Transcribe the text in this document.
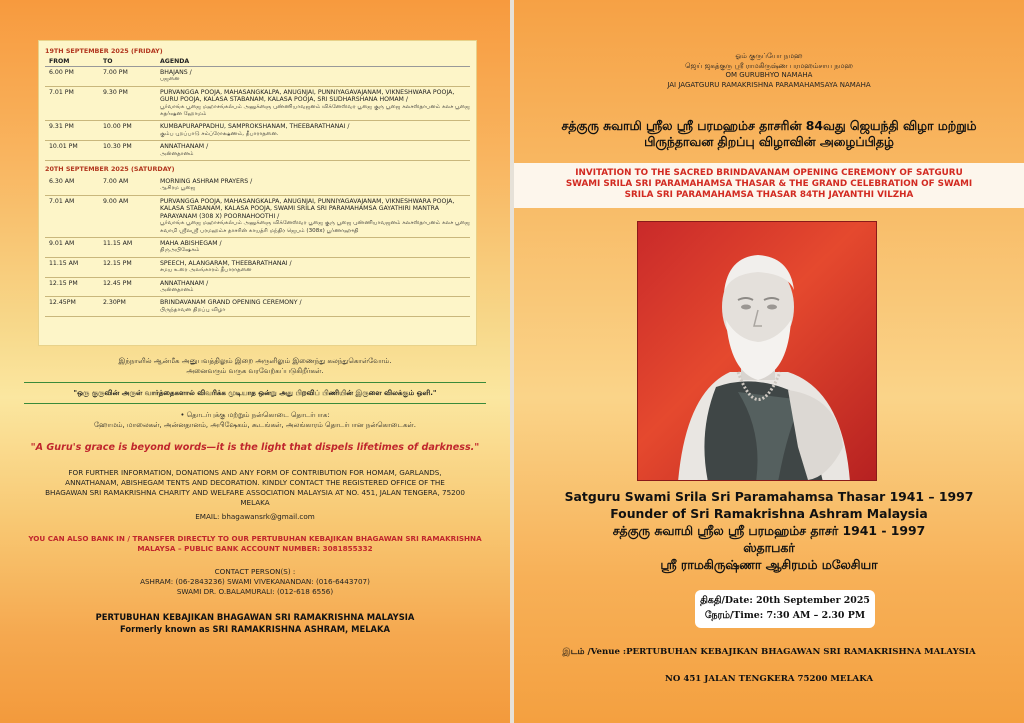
19TH SEPTEMBER 2025 (FRIDAY)
FROM	TO	AGENDA
6.00 PM	7.00 PM	BHAJANS /
பஜனை
7.01 PM	9.30 PM	PURVANGGA POOJA, MAHASANGKALPA, ANUGNJAI, PUNNIYAGAVAJANAM, VIKNESHWARA POOJA, GURU POOJA, KALASA STABANAM, KALASA POOJA, SRI SUDHARSHANA HOMAM /
பூர்வாங்க பூஜை மஹாசங்கல்பம் அனுக்ஞை புண்ணியாவஜனம் விக்னேஸ்வர பூஜை குரு பூஜை கலசஸ்தாபனம் கலச பூஜை சுதர்ஷன ஹோமம்
9.31 PM	10.00 PM	KUMBAPURAPPADHU, SAMPROKSHANAM, THEEBARATHANAI /
கும்ப புறப்பாடு சம்ப்ரோக்ஷணம், தீபாராதனை.
10.01 PM	10.30 PM	ANNATHANAM /
அன்னதானம்
20TH SEPTEMBER 2025 (SATURDAY)
6.30 AM	7.00 AM	MORNING ASHRAM PRAYERS /
ஆசிரம பூஜை
7.01 AM	9.00 AM	PURVANGGA POOJA, MAHASANGKALPA, ANUGNJAI, PUNNIYAGAVAJANAM, VIKNESHWARA POOJA, KALASA STABANAM, KALASA POOJA, SWAMI SRILA SRI PARAMAHAMSA GAYATHIRI MANTRA PARAYANAM (308 X) POORNAHOOTHI /
பூர்வாங்க பூஜை மஹாசங்கல்பம் அனுக்ஞை விக்னேஸ்வர பூஜை குரு பூஜை புண்ணியாவஜனம் கலசஸ்தாபனம் கலச பூஜை சுவாமி ஸ்ரீலஸ்ரீ பரமஹம்ச தாசரின் காயத்ரி மந்திர ஜெபம் (308x) பூர்ணாஹுதி
9.01 AM	11.15 AM	MAHA ABISHEGAM /
திருஅபிஷேகம்
11.15 AM	12.15 PM	SPEECH, ALANGARAM, THEEBARATHANAI /
சமய உரை அலங்காரம் தீபாராதனை
12.15 PM	12.45 PM	ANNATHANAM /
அன்னதானம்
12.45PM	2.30PM	BRINDAVANAM GRAND OPENING CEREMONY /
பிருந்தாவன திறப்பு விழா
இந்நாளில் ஆன்மீக அனுபவத்திலும் இறை அருளிலும் இணைந்து கலந்துகொள்வோம்.
அனைவரும் வருக வரவேற்கப்படுகிறீர்கள்.
"ஒரு குருவின் அருள் வார்த்தைகளால் விவரிக்க முடியாத ஒன்று அது பிறவிப் பிணியின் இருளை விலக்கும் ஒளி."
• தொடர்புக்கு மற்றும் நன்கொடை தொடர்பாக:
ஹோமம், மாலைகள், அன்னதானம், அபிஷேகம், கூடங்கள், அலங்காரம் தொடர்பான நன்கொடைகள்.
"A Guru's grace is beyond words—it is the light that dispels lifetimes of darkness."
FOR FURTHER INFORMATION, DONATIONS AND ANY FORM OF CONTRIBUTION FOR HOMAM, GARLANDS,
ANNATHANAM, ABISHEGAM TENTS AND DECORATION. KINDLY CONTACT THE REGISTERED OFFICE OF THE
BHAGAWAN SRI RAMAKRISHNA CHARITY AND WELFARE ASSOCIATION MALAYSIA AT NO. 451, JALAN TENGERA, 75200
MELAKA
EMAIL: bhagawansrk@gmail.com
YOU CAN ALSO BANK IN / TRANSFER DIRECTLY TO OUR PERTUBUHAN KEBAJIKAN BHAGAWAN SRI RAMAKRISHNA
MALAYSA – PUBLIC BANK ACCOUNT NUMBER: 3081855332
CONTACT PERSON(S) :
ASHRAM: (06-2843236) SWAMI VIVEKANANDAN: (016-6443707)
SWAMI DR. O.BALAMURALI: (012-618 6556)
PERTUBUHAN KEBAJIKAN BHAGAWAN SRI RAMAKRISHNA MALAYSIA
Formerly known as SRI RAMAKRISHNA ASHRAM, MELAKA
ஓம் குருப்யோ நமஹ
ஜெய் ஜகத்குரு ஸ்ரீ ராமகிருஷ்ண பரமஹம்சாய நமஹ
OM GURUBHYO NAMAHA
JAI JAGATGURU RAMAKRISHNA PARAMAHAMSAYA NAMAHA
சத்குரு சுவாமி ஸ்ரீல ஸ்ரீ பரமஹம்ச தாசரின் 84வது ஜெயந்தி விழா மற்றும்
பிருந்தாவன திறப்பு விழாவின் அழைப்பிதழ்
INVITATION TO THE SACRED BRINDAVANAM OPENING CEREMONY OF SATGURU
SWAMI SRILA SRI PARAMAHAMSA THASAR & THE GRAND CELEBRATION OF SWAMI
SRILA SRI PARAMAHAMSA THASAR 84TH JAYANTHI VILZHA
Satguru Swami Srila Sri Paramahamsa Thasar 1941 – 1997
Founder of Sri Ramakrishna Ashram Malaysia
சத்குரு சுவாமி ஸ்ரீல ஸ்ரீ பரமஹம்ச தாசர் 1941 - 1997
ஸ்தாபகர்
ஸ்ரீ ராமகிருஷ்ணா ஆசிரமம் மலேசியா
திகதி/Date: 20th September 2025
நேரம்/Time: 7:30 AM – 2.30 PM
இடம் /Venue :PERTUBUHAN KEBAJIKAN BHAGAWAN SRI RAMAKRISHNA MALAYSIA
NO 451 JALAN TENGKERA 75200 MELAKA
